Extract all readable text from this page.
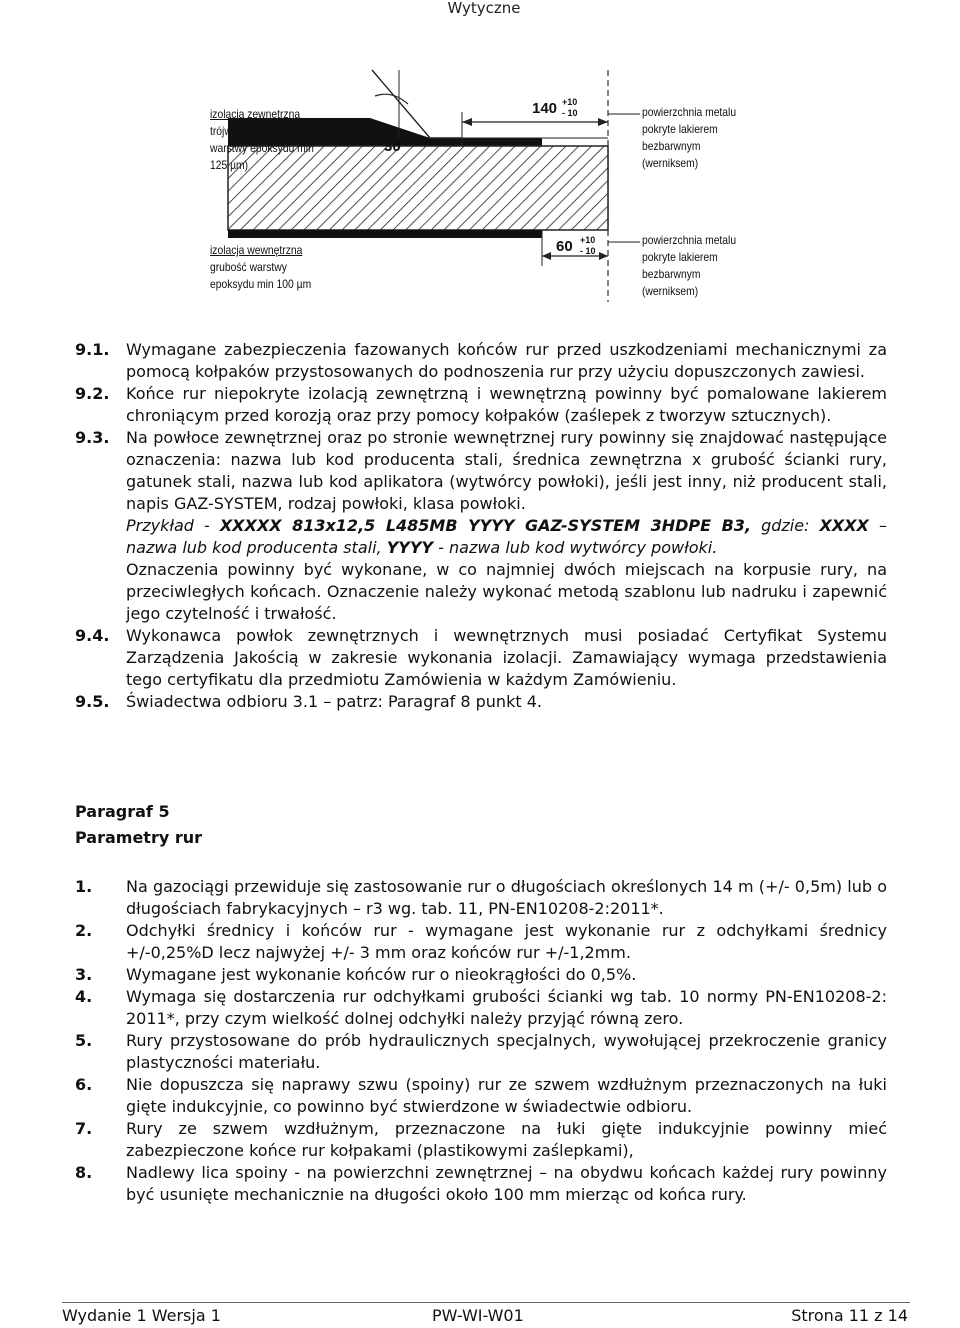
Wytyczne
30°
140 +10
- 10
60 +10
- 10
izolacja zewnętrzna
trójwarstwowa (grubość
warstwy epoksydu min
125 µm)
izolacja wewnętrzna
grubość warstwy
epoksydu min 100 µm
powierzchnia metalu
pokryte lakierem
bezbarwnym
(werniksem)
powierzchnia metalu
pokryte lakierem
bezbarwnym
(werniksem)
9.1. Wymagane zabezpieczenia fazowanych końców rur przed uszkodzeniami mechanicznymi za pomocą kołpaków przystosowanych do podnoszenia rur przy użyciu dopuszczonych zawiesi.

9.2. Końce rur niepokryte izolacją zewnętrzną i wewnętrzną powinny być pomalowane lakierem chroniącym przed korozją oraz przy pomocy kołpaków (zaślepek z tworzyw sztucznych).

9.3. Na powłoce zewnętrznej oraz po stronie wewnętrznej rury powinny się znajdować następujące oznaczenia: nazwa lub kod producenta stali, średnica zewnętrzna x grubość ścianki rury, gatunek stali, nazwa lub kod aplikatora (wytwórcy powłoki), jeśli jest inny, niż producent stali, napis GAZ-SYSTEM, rodzaj powłoki, klasa powłoki.

Przykład - XXXXX 813x12,5 L485MB YYYY GAZ-SYSTEM 3HDPE B3, gdzie: XXXX – nazwa lub kod producenta stali, YYYY - nazwa lub kod wytwórcy powłoki.

Oznaczenia powinny być wykonane, w co najmniej dwóch miejscach na korpusie rury, na przeciwległych końcach. Oznaczenie należy wykonać metodą szablonu lub nadruku i zapewnić jego czytelność i trwałość.

9.4. Wykonawca powłok zewnętrznych i wewnętrznych musi posiadać Certyfikat Systemu Zarządzenia Jakością w zakresie wykonania izolacji. Zamawiający wymaga przedstawienia tego certyfikatu dla przedmiotu Zamówienia w każdym Zamówieniu.

9.5. Świadectwa odbioru 3.1 – patrz: Paragraf 8 punkt 4.

Paragraf 5
Parametry rur
1. Na gazociągi przewiduje się zastosowanie rur o długościach określonych 14 m (+/- 0,5m) lub o długościach fabrykacyjnych – r3 wg. tab. 11, PN-EN10208-2:2011*.

2. Odchyłki średnicy i końców rur - wymagane jest wykonanie rur z odchyłkami średnicy +/-0,25%D lecz najwyżej +/- 3 mm oraz końców rur +/-1,2mm.

3. Wymagane jest wykonanie końców rur o nieokrągłości do 0,5%.

4. Wymaga się dostarczenia rur odchyłkami grubości ścianki wg tab. 10 normy PN-EN10208-2: 2011*, przy czym wielkość dolnej odchyłki należy przyjąć równą zero.

5. Rury przystosowane do prób hydraulicznych specjalnych, wywołującej przekroczenie granicy plastyczności materiału.

6. Nie dopuszcza się naprawy szwu (spoiny) rur ze szwem wzdłużnym przeznaczonych na łuki gięte indukcyjnie, co powinno być stwierdzone w świadectwie odbioru.

7. Rury ze szwem wzdłużnym, przeznaczone na łuki gięte indukcyjnie powinny mieć zabezpieczone końce rur kołpakami (plastikowymi zaślepkami),

8. Nadlewy lica spoiny - na powierzchni zewnętrznej – na obydwu końcach każdej rury powinny być usunięte mechanicznie na długości około 100 mm mierząc od końca rury.

Wydanie 1 Wersja 1	PW-WI-W01	Strona 11 z 14
